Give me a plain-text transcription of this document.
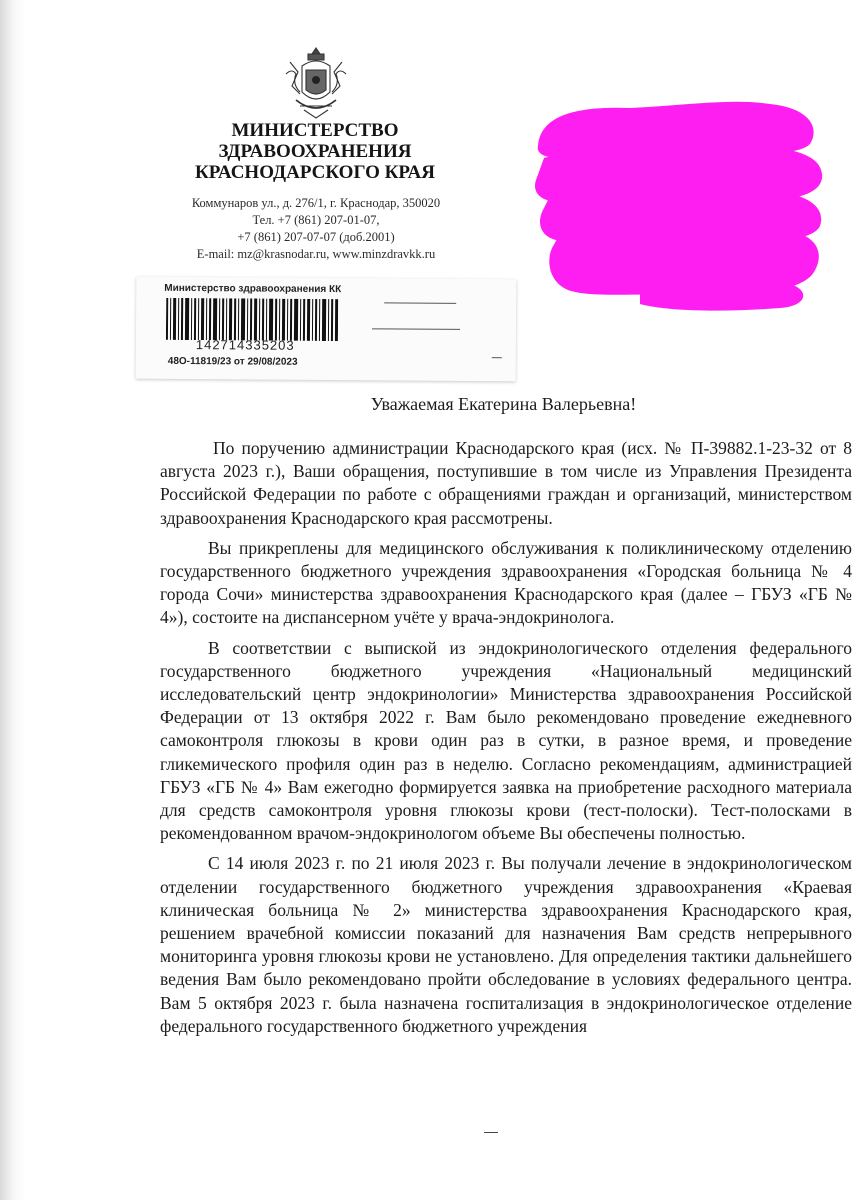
МИНИСТЕРСТВО
ЗДРАВООХРАНЕНИЯ
КРАСНОДАРСКОГО КРАЯ
Коммунаров ул., д. 276/1, г. Краснодар, 350020
Тел. +7 (861) 207-01-07,
+7 (861) 207-07-07 (доб.2001)
E-mail: mz@krasnodar.ru, www.minzdravkk.ru
Министерство здравоохранения КК
142714335203
48О-11819/23 от 29/08/2023
Уважаемая Екатерина Валерьевна!

По поручению администрации Краснодарского края (исх. № П-39882.1-23-32 от 8 августа 2023 г.), Ваши обращения, поступившие в том числе из Управления Президента Российской Федерации по работе с обращениями граждан и организаций, министерством здравоохранения Краснодарского края рассмотрены.

Вы прикреплены для медицинского обслуживания к поликлиническому отделению государственного бюджетного учреждения здравоохранения «Городская больница № 4 города Сочи» министерства здравоохранения Краснодарского края (далее – ГБУЗ «ГБ № 4»), состоите на диспансерном учёте у врача-эндокринолога.

В соответствии с выпиской из эндокринологического отделения федерального государственного бюджетного учреждения «Национальный медицинский исследовательский центр эндокринологии» Министерства здравоохранения Российской Федерации от 13 октября 2022 г. Вам было рекомендовано проведение ежедневного самоконтроля глюкозы в крови один раз в сутки, в разное время, и проведение гликемического профиля один раз в неделю. Согласно рекомендациям, администрацией ГБУЗ «ГБ № 4» Вам ежегодно формируется заявка на приобретение расходного материала для средств самоконтроля уровня глюкозы крови (тест-полоски). Тест-полосками в рекомендованном врачом-эндокринологом объеме Вы обеспечены полностью.

С 14 июля 2023 г. по 21 июля 2023 г. Вы получали лечение в эндокринологическом отделении государственного бюджетного учреждения здравоохранения «Краевая клиническая больница № 2» министерства здравоохранения Краснодарского края, решением врачебной комиссии показаний для назначения Вам средств непрерывного мониторинга уровня глюкозы крови не установлено. Для определения тактики дальнейшего ведения Вам было рекомендовано пройти обследование в условиях федерального центра. Вам 5 октября 2023 г. была назначена госпитализация в эндокринологическое отделение федерального государственного бюджетного учреждения
